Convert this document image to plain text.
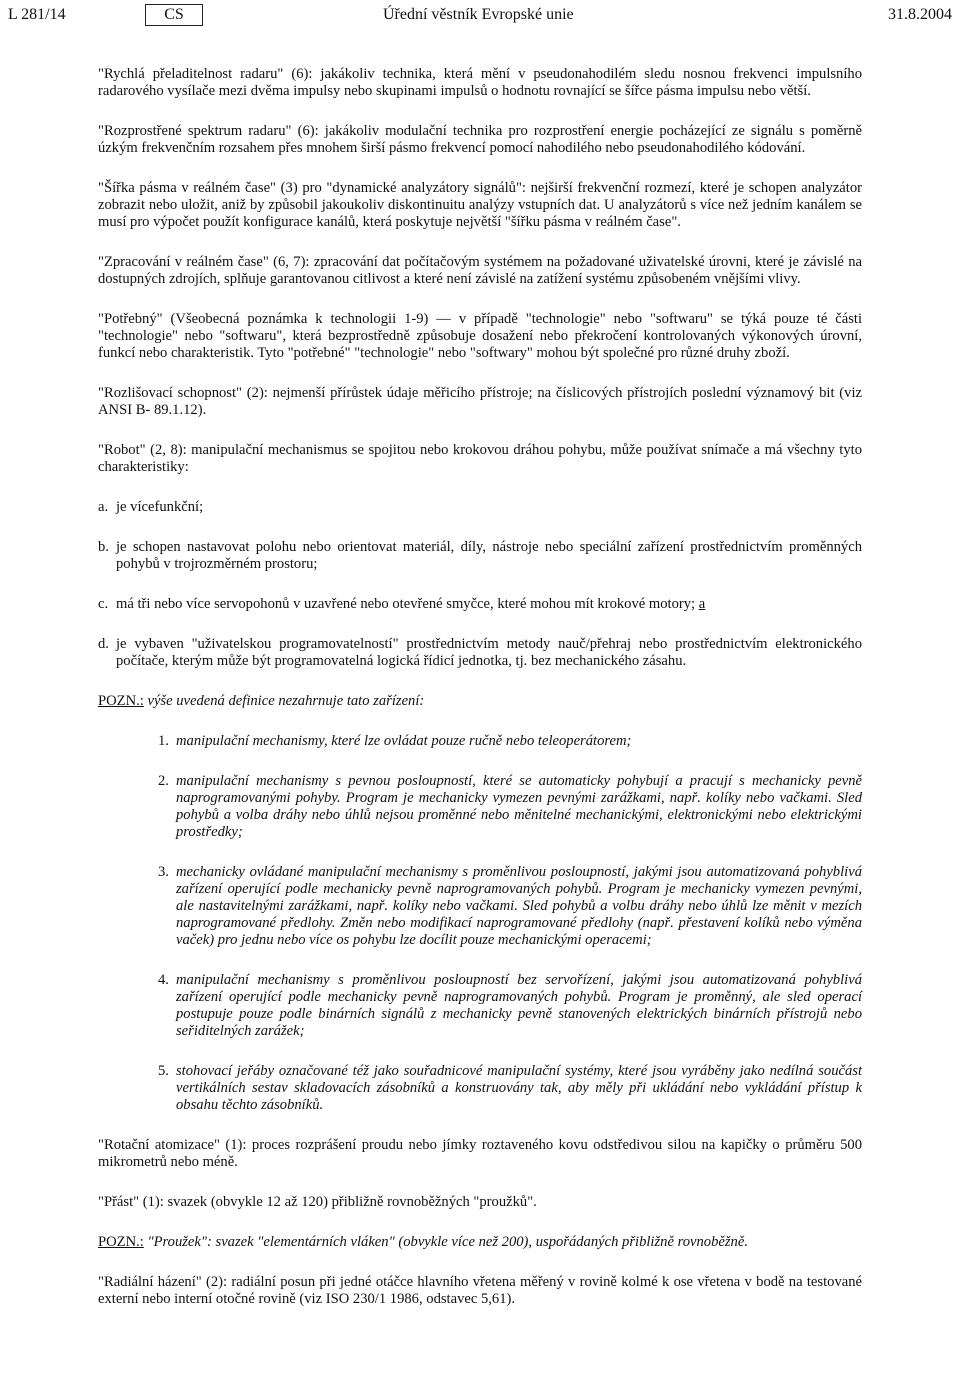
L 281/14	CS	Úřední věstník Evropské unie	31.8.2004

"Rychlá přeladitelnost radaru" (6): jakákoliv technika, která mění v pseudonahodilém sledu nosnou frekvenci impulsního radarového vysílače mezi dvěma impulsy nebo skupinami impulsů o hodnotu rovnající se šířce pásma impulsu nebo větší.

"Rozprostřené spektrum radaru" (6): jakákoliv modulační technika pro rozprostření energie pocházející ze signálu s poměrně úzkým frekvenčním rozsahem přes mnohem širší pásmo frekvencí pomocí nahodilého nebo pseudonahodilého kódování.

"Šířka pásma v reálném čase" (3) pro "dynamické analyzátory signálů": nejširší frekvenční rozmezí, které je schopen analyzátor zobrazit nebo uložit, aniž by způsobil jakoukoliv diskontinuitu analýzy vstupních dat. U analyzátorů s více než jedním kanálem se musí pro výpočet použít konfigurace kanálů, která poskytuje největší "šířku pásma v reálném čase".

"Zpracování v reálném čase" (6, 7): zpracování dat počítačovým systémem na požadované uživatelské úrovni, které je závislé na dostupných zdrojích, splňuje garantovanou citlivost a které není závislé na zatížení systému způsobeném vnějšími vlivy.

"Potřebný" (Všeobecná poznámka k technologii 1-9) — v případě "technologie" nebo "softwaru" se týká pouze té části "technologie" nebo "softwaru", která bezprostředně způsobuje dosažení nebo překročení kontrolovaných výkonových úrovní, funkcí nebo charakteristik. Tyto "potřebné" "technologie" nebo "softwary" mohou být společné pro různé druhy zboží.

"Rozlišovací schopnost" (2): nejmenší přírůstek údaje měřicího přístroje; na číslicových přístrojích poslední významový bit (viz ANSI B- 89.1.12).

"Robot" (2, 8): manipulační mechanismus se spojitou nebo krokovou dráhou pohybu, může používat snímače a má všechny tyto charakteristiky:

a. je vícefunkční;
b. je schopen nastavovat polohu nebo orientovat materiál, díly, nástroje nebo speciální zařízení prostřednictvím proměnných pohybů v trojrozměrném prostoru;
c. má tři nebo více servopohonů v uzavřené nebo otevřené smyčce, které mohou mít krokové motory; a
d. je vybaven "uživatelskou programovatelností" prostřednictvím metody nauč/přehraj nebo prostřednictvím elektronického počítače, kterým může být programovatelná logická řídicí jednotka, tj. bez mechanického zásahu.
POZN.: výše uvedená definice nezahrnuje tato zařízení:
1. manipulační mechanismy, které lze ovládat pouze ručně nebo teleoperátorem;
2. manipulační mechanismy s pevnou posloupností, které se automaticky pohybují a pracují s mechanicky pevně naprogramovanými pohyby. Program je mechanicky vymezen pevnými zarážkami, např. kolíky nebo vačkami. Sled pohybů a volba dráhy nebo úhlů nejsou proměnné nebo měnitelné mechanickými, elektronickými nebo elektrickými prostředky;
3. mechanicky ovládané manipulační mechanismy s proměnlivou posloupností, jakými jsou automatizovaná pohyblivá zařízení operující podle mechanicky pevně naprogramovaných pohybů. Program je mechanicky vymezen pevnými, ale nastavitelnými zarážkami, např. kolíky nebo vačkami. Sled pohybů a volbu dráhy nebo úhlů lze měnit v mezích naprogramované předlohy. Změn nebo modifikací naprogramované předlohy (např. přestavení kolíků nebo výměna vaček) pro jednu nebo více os pohybu lze docílit pouze mechanickými operacemi;
4. manipulační mechanismy s proměnlivou posloupností bez servořízení, jakými jsou automatizovaná pohyblivá zařízení operující podle mechanicky pevně naprogramovaných pohybů. Program je proměnný, ale sled operací postupuje pouze podle binárních signálů z mechanicky pevně stanovených elektrických binárních přístrojů nebo seřiditelných zarážek;
5. stohovací jeřáby označované též jako souřadnicové manipulační systémy, které jsou vyráběny jako nedílná součást vertikálních sestav skladovacích zásobníků a konstruovány tak, aby měly při ukládání nebo vykládání přístup k obsahu těchto zásobníků.

"Rotační atomizace" (1): proces rozprášení proudu nebo jímky roztaveného kovu odstředivou silou na kapičky o průměru 500 mikrometrů nebo méně.

"Přást" (1): svazek (obvykle 12 až 120) přibližně rovnoběžných "proužků".

POZN.: "Proužek": svazek "elementárních vláken" (obvykle více než 200), uspořádaných přibližně rovnoběžně.

"Radiální házení" (2): radiální posun při jedné otáčce hlavního vřetena měřený v rovině kolmé k ose vřetena v bodě na testované externí nebo interní otočné rovině (viz ISO 230/1 1986, odstavec 5,61).
